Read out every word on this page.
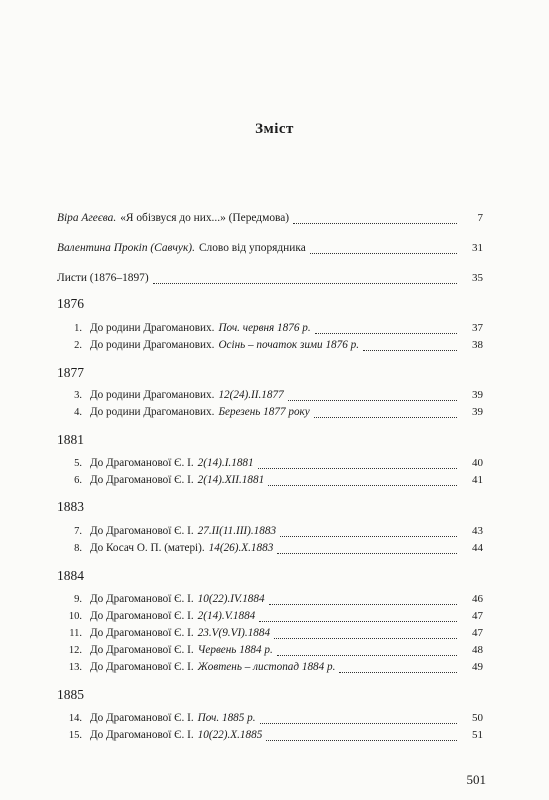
Зміст
Віра Агеєва. «Я обізвуся до них...» (Передмова)	7
Валентина Прокіп (Савчук). Слово від упорядника	31
Листи (1876–1897)	35
1876
1. До родини Драгоманових. Поч. червня 1876 р.	37
2. До родини Драгоманових. Осінь – початок зими 1876 р.	38
1877
3. До родини Драгоманових. 12(24).II.1877	39
4. До родини Драгоманових. Березень 1877 року	39
1881
5. До Драгоманової Є. І. 2(14).I.1881	40
6. До Драгоманової Є. І. 2(14).XII.1881	41
1883
7. До Драгоманової Є. І. 27.II(11.III).1883	43
8. До Косач О. П. (матері). 14(26).X.1883	44
1884
9. До Драгоманової Є. І. 10(22).IV.1884	46
10. До Драгоманової Є. І. 2(14).V.1884	47
11. До Драгоманової Є. І. 23.V(9.VI).1884	47
12. До Драгоманової Є. І. Червень 1884 р.	48
13. До Драгоманової Є. І. Жовтень – листопад 1884 р.	49
1885
14. До Драгоманової Є. І. Поч. 1885 р.	50
15. До Драгоманової Є. І. 10(22).X.1885	51
501
